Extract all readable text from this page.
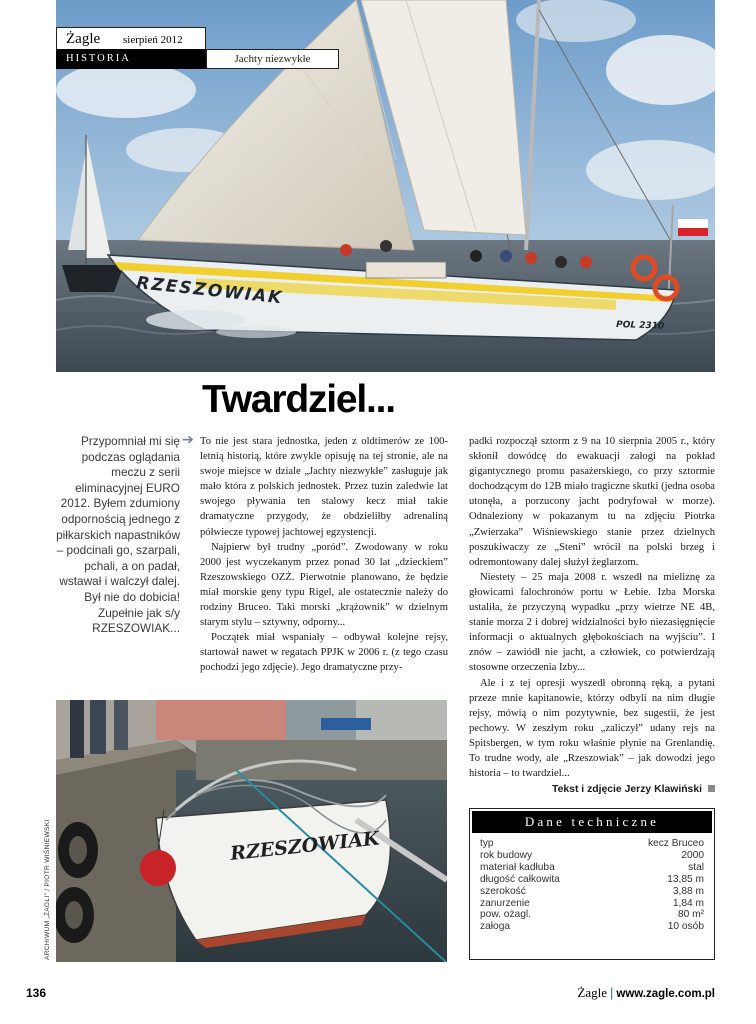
RZESZOWIAK
POL 2310
Żagle sierpień 2012
HISTORIA	Jachty niezwykłe
Twardziel...
Przypomniał mi się podczas oglądania meczu z serii eliminacyjnej EURO 2012. Byłem zdumiony odpornością jednego z piłkarskich napastników – podcinali go, szarpali, pchali, a on padał, wstawał i walczył dalej. Był nie do dobicia! Zupełnie jak s/y RZESZOWIAK...
➔ To nie jest stara jednostka, jeden z oldtimerów ze 100-letnią historią, które zwykle opisuję na tej stronie, ale na swoje miejsce w dziale „Jachty niezwykłe” zasługuje jak mało która z polskich jednostek. Przez tuzin zaledwie lat swojego pływania ten stalowy kecz miał takie dramatyczne przygody, że obdzieliłby adrenaliną półwiecze typowej jachtowej egzystencji.

Najpierw był trudny „poród”. Zwodowany w roku 2000 jest wyczekanym przez ponad 30 lat „dzieckiem” Rzeszowskiego OZŻ. Pierwotnie planowano, że będzie miał morskie geny typu Rigel, ale ostatecznie należy do rodziny Bruceo. Taki morski „krążownik” w dzielnym starym stylu – sztywny, odporny...

Początek miał wspaniały – odbywał kolejne rejsy, startował nawet w regatach PPJK w 2006 r. (z tego czasu pochodzi jego zdjęcie). Jego dramatyczne przy-

padki rozpoczął sztorm z 9 na 10 sierpnia 2005 r., który skłonił dowódcę do ewakuacji załogi na pokład gigantycznego promu pasażerskiego, co przy sztormie dochodzącym do 12B miało tragiczne skutki (jedna osoba utonęła, a porzucony jacht podryfował w morze). Odnaleziony w pokazanym tu na zdjęciu Piotrka „Zwierzaka” Wiśniewskiego stanie przez dzielnych poszukiwaczy ze „Steni” wrócił na polski brzeg i odremontowany dalej służył żeglarzom.

Niestety – 25 maja 2008 r. wszedł na mieliznę za głowicami falochronów portu w Łebie. Izba Morska ustaliła, że przyczyną wypadku „przy wietrze NE 4B, stanie morza 2 i dobrej widzialności było niezasięgnięcie informacji o aktualnych głębokościach na wyjściu”. I znów – zawiódł nie jacht, a człowiek, co potwierdzają stosowne orzeczenia Izby...

Ale i z tej opresji wyszedł obronną ręką, a pytani przeze mnie kapitanowie, którzy odbyli na nim długie rejsy, mówią o nim pozytywnie, bez sugestii, że jest pechowy. W zeszłym roku „zaliczył” udany rejs na Spitsbergen, w tym roku właśnie płynie na Grenlandię. To trudne wody, ale „Rzeszowiak” – jak dowodzi jego historia – to twardziel...

Tekst i zdjęcie Jerzy Klawiński
RZESZOWIAK
ARCHIWUM „ŻAGLI” / PIOTR WIŚNIEWSKI	Dane techniczne
typ	kecz Bruceo
rok budowy	2000
materiał kadłuba	stal
długość całkowita	13,85 m
szerokość	3,88 m
zanurzenie	1,84 m
pow. ożagl.	80 m²
załoga	10 osób
136	Żagle | www.zagle.com.pl
